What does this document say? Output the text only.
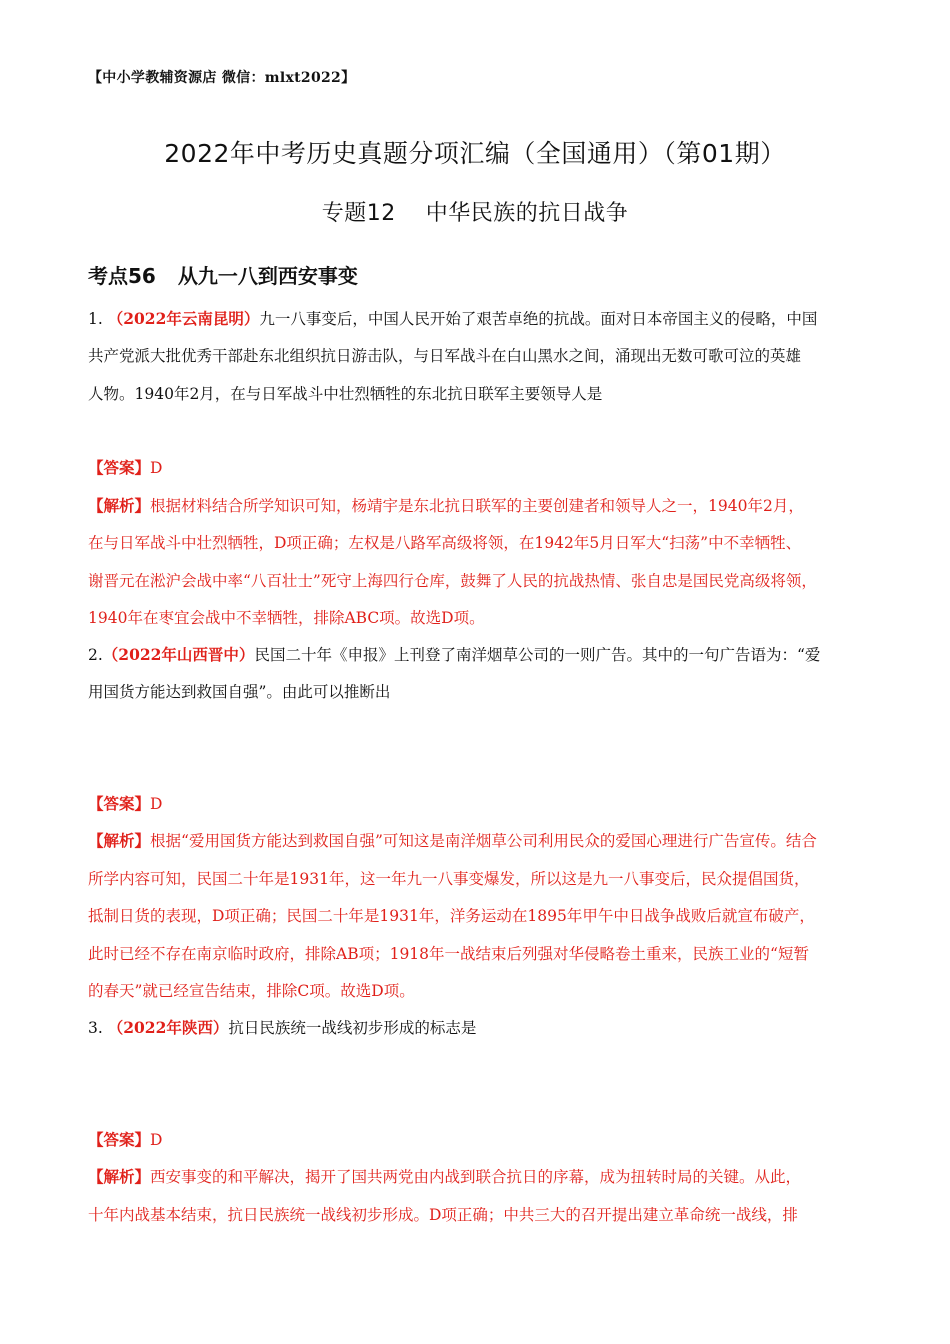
【中小学教辅资源店 微信：mlxt2022】
2022年中考历史真题分项汇编（全国通用）（第01期）
专题12 中华民族的抗日战争
考点56 从九一八到西安事变
1. （2022年云南昆明）九一八事变后，中国人民开始了艰苦卓绝的抗战。面对日本帝国主义的侵略，中国
共产党派大批优秀干部赴东北组织抗日游击队，与日军战斗在白山黑水之间，涌现出无数可歌可泣的英雄
人物。1940年2月，在与日军战斗中壮烈牺牲的东北抗日联军主要领导人是
【答案】D
【解析】根据材料结合所学知识可知，杨靖宇是东北抗日联军的主要创建者和领导人之一，1940年2月，
在与日军战斗中壮烈牺牲，D项正确；左权是八路军高级将领，在1942年5月日军大“扫荡”中不幸牺牲、
谢晋元在淞沪会战中率“八百壮士”死守上海四行仓库，鼓舞了人民的抗战热情、张自忠是国民党高级将领，
1940年在枣宜会战中不幸牺牲，排除ABC项。故选D项。
2.（2022年山西晋中）民国二十年《申报》上刊登了南洋烟草公司的一则广告。其中的一句广告语为：“爱
用国货方能达到救国自强”。由此可以推断出
【答案】D
【解析】根据“爱用国货方能达到救国自强”可知这是南洋烟草公司利用民众的爱国心理进行广告宣传。结合
所学内容可知，民国二十年是1931年，这一年九一八事变爆发，所以这是九一八事变后，民众提倡国货，
抵制日货的表现，D项正确；民国二十年是1931年，洋务运动在1895年甲午中日战争战败后就宣布破产，
此时已经不存在南京临时政府，排除AB项；1918年一战结束后列强对华侵略卷土重来，民族工业的“短暂
的春天”就已经宣告结束，排除C项。故选D项。
3. （2022年陕西）抗日民族统一战线初步形成的标志是
【答案】D
【解析】西安事变的和平解决，揭开了国共两党由内战到联合抗日的序幕，成为扭转时局的关键。从此，
十年内战基本结束，抗日民族统一战线初步形成。D项正确；中共三大的召开提出建立革命统一战线，排
